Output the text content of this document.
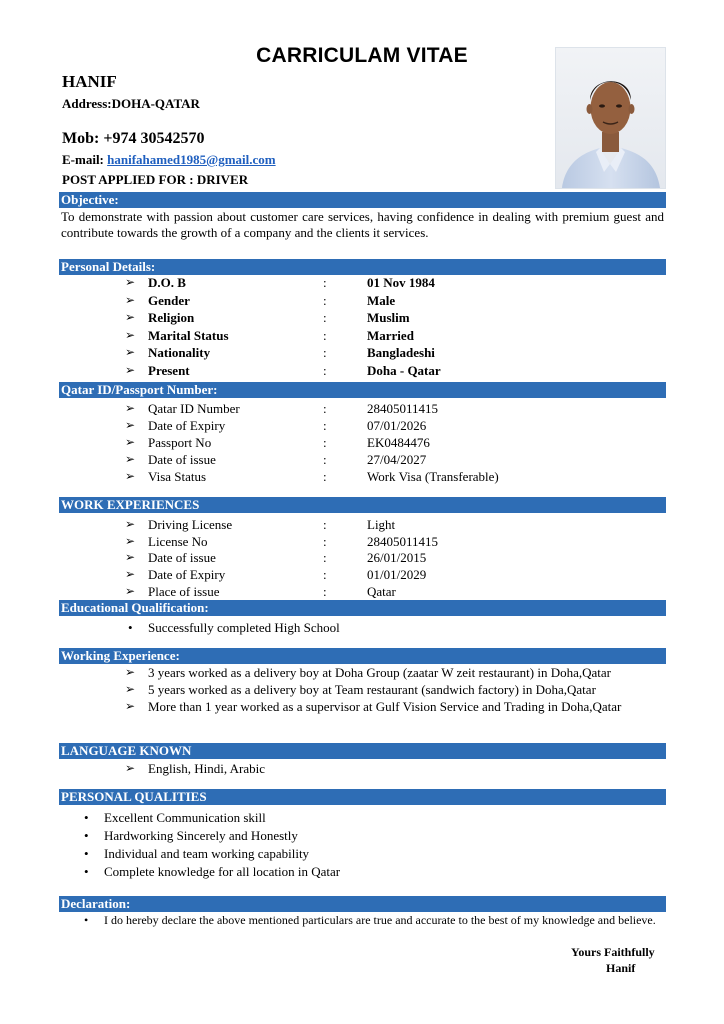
CARRICULAM VITAE
HANIF
Address:DOHA-QATAR
Mob: +974 30542570
E-mail: hanifahamed1985@gmail.com
POST APPLIED FOR : DRIVER
Objective:
To demonstrate with passion about customer care services, having confidence in dealing with premium guest and contribute towards the growth of a company and the clients it services.
Personal Details:
➢ D.O. B	:	01 Nov 1984
➢ Gender	:	Male
➢ Religion	:	Muslim
➢ Marital Status	:	Married
➢ Nationality	:	Bangladeshi
➢ Present	:	Doha - Qatar
Qatar ID/Passport Number:
➢ Qatar ID Number	:	28405011415
➢ Date of Expiry	:	07/01/2026
➢ Passport No	:	EK0484476
➢ Date of issue	:	27/04/2027
➢ Visa Status	:	Work Visa (Transferable)
WORK EXPERIENCES
➢ Driving License	:	Light
➢ License No	:	28405011415
➢ Date of issue	:	26/01/2015
➢ Date of Expiry	:	01/01/2029
➢ Place of issue	:	Qatar
Educational Qualification:
• Successfully completed High School
Working Experience:
➢ 3 years worked as a delivery boy at Doha Group (zaatar W zeit restaurant) in Doha,Qatar
➢ 5 years worked as a delivery boy at Team restaurant (sandwich factory) in Doha,Qatar
➢ More than 1 year worked as a supervisor at Gulf Vision Service and Trading in Doha,Qatar
LANGUAGE KNOWN
➢ English, Hindi, Arabic
PERSONAL QUALITIES
• Excellent Communication skill
• Hardworking Sincerely and Honestly
• Individual and team working capability
• Complete knowledge for all location in Qatar
Declaration:
• I do hereby declare the above mentioned particulars are true and accurate to the best of my knowledge and believe.
Yours Faithfully
Hanif
